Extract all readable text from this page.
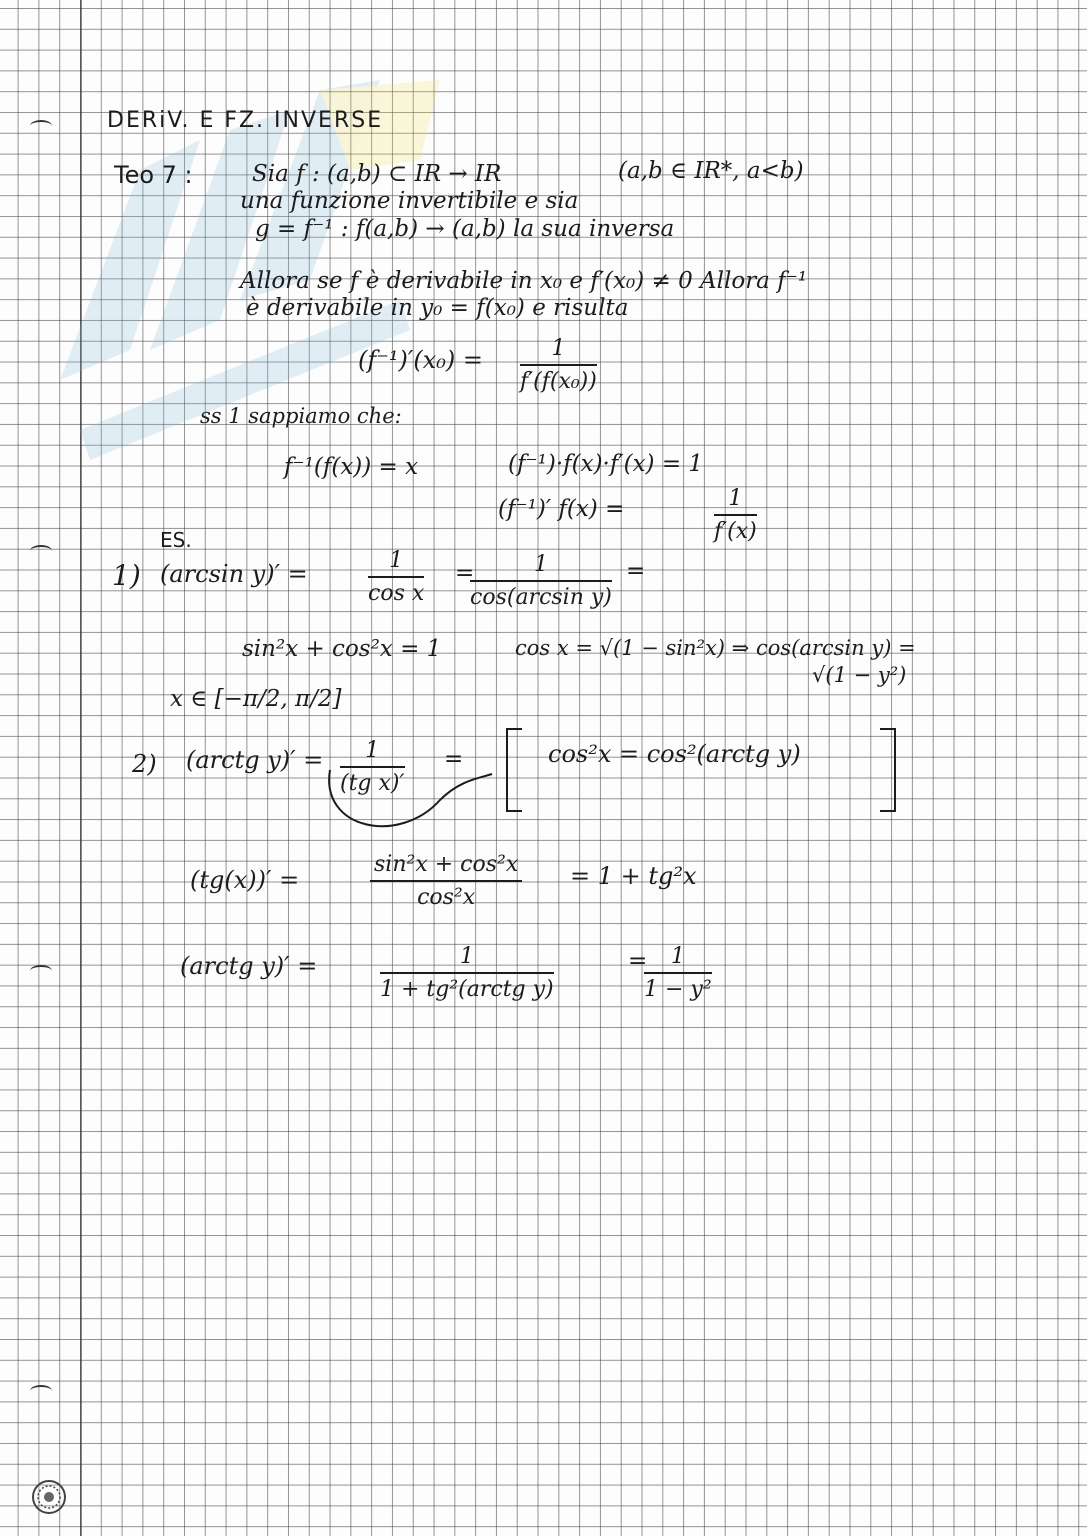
DERiV. E FZ. INVERSE
Teo 7 :	Sia f : (a,b) ⊂ IR → IR	(a,b ∈ IR*, a<b)
una funzione invertibile e sia
g = f⁻¹ : f(a,b) → (a,b) la sua inversa
Allora se f è derivabile in x₀ e f′(x₀) ≠ 0 Allora f⁻¹
è derivabile in y₀ = f(x₀) e risulta
$(f^{-1})'(x_0) = \frac{1}{\text{f′(f(x₀))}}$
ss 1 sappiamo che:
f⁻¹(f(x)) = x	(f⁻¹)·f(x)·f′(x) = 1
(f⁻¹)′ f(x) =	$\frac{1}{f'(x)}$
ES.
1) (arcsin y)′ =	$\frac{1}{\text{cos x}}$ =
$\frac{1}{\text{cos(arcsin y)}}$ =
sin²x + cos²x = 1	cos x = √(1 − sin²x) ⇒ cos(arcsin y) =
√(1 − y²)
x ∈ [−π/2, π/2]
2) (arctg $y)' = \frac{1}{\text{(tg x)′}}$ =	cos²x = cos²(arctg y)
(tg(x))′ =	$\frac{\text{sin²x + cos²x}}{\text{cos²x}} = 1 + tg^2x$
(arctg y)′ =	1
1 + tg²(arctg y)
=
$\frac{1}{\text{1 − y²}}$
